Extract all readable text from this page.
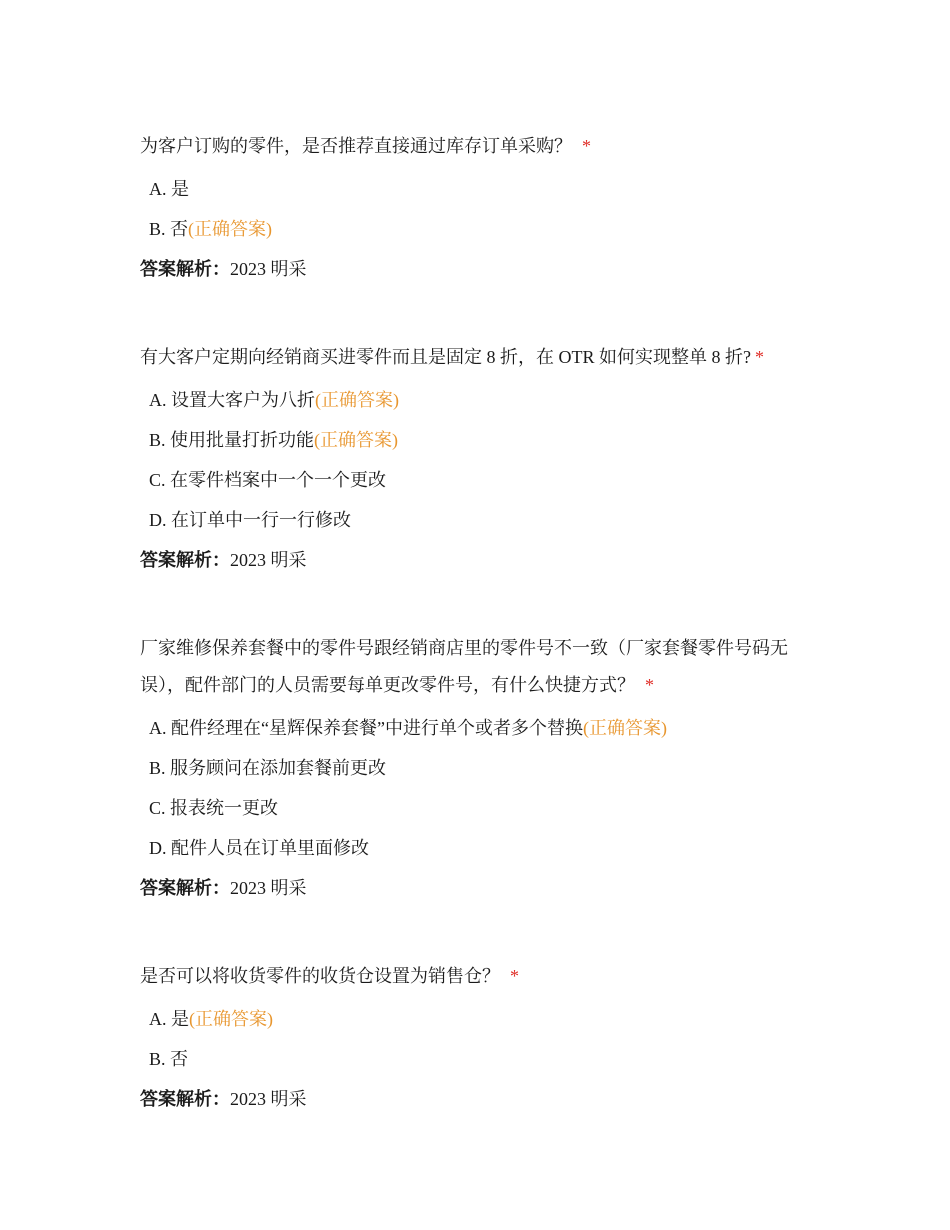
为客户订购的零件，是否推荐直接通过库存订单采购？ *
A. 是
B. 否(正确答案)
答案解析：2023 明采
有大客户定期向经销商买进零件而且是固定 8 折，在 OTR 如何实现整单 8 折? *
A. 设置大客户为八折(正确答案)
B. 使用批量打折功能(正确答案)
C. 在零件档案中一个一个更改
D. 在订单中一行一行修改
答案解析：2023 明采
厂家维修保养套餐中的零件号跟经销商店里的零件号不一致（厂家套餐零件号码无误），配件部门的人员需要每单更改零件号，有什么快捷方式？ *
A. 配件经理在“星辉保养套餐”中进行单个或者多个替换(正确答案)
B. 服务顾问在添加套餐前更改
C. 报表统一更改
D. 配件人员在订单里面修改
答案解析：2023 明采
是否可以将收货零件的收货仓设置为销售仓？ *
A. 是(正确答案)
B. 否
答案解析：2023 明采
